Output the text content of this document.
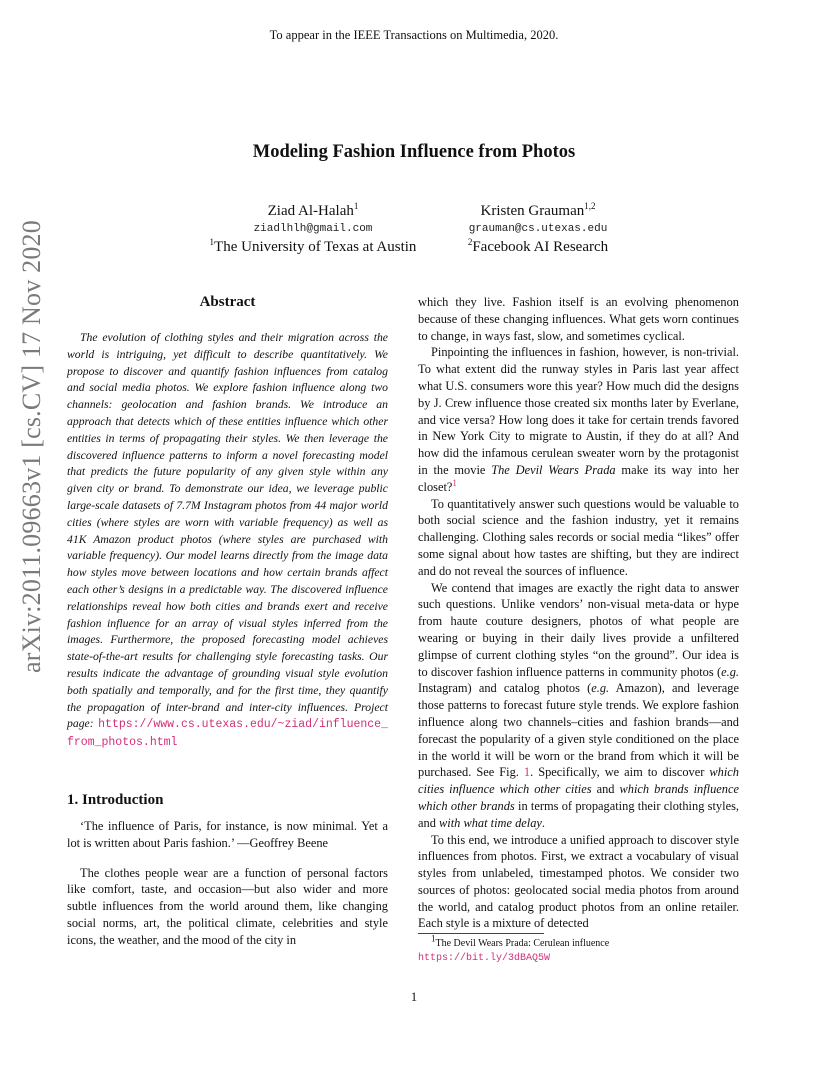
To appear in the IEEE Transactions on Multimedia, 2020.
Modeling Fashion Influence from Photos
Ziad Al-Halah$^1$
ziadlhlh@gmail.com
$^1$The University of Texas at Austin
Kristen Grauman$^{1,2}$
grauman@cs.utexas.edu
$^2$Facebook AI Research
arXiv:2011.09663v1 [cs.CV] 17 Nov 2020	Abstract

The evolution of clothing styles and their migration across the world is intriguing, yet difficult to describe quantitatively. We propose to discover and quantify fashion influences from catalog and social media photos. We explore fashion influence along two channels: geolocation and fashion brands. We introduce an approach that detects which of these entities influence which other entities in terms of propagating their styles. We then leverage the discovered influence patterns to inform a novel forecasting model that predicts the future popularity of any given style within any given city or brand. To demonstrate our idea, we leverage public large-scale datasets of 7.7M Instagram photos from 44 major world cities (where styles are worn with variable frequency) as well as 41K Amazon product photos (where styles are purchased with variable frequency). Our model learns directly from the image data how styles move between locations and how certain brands affect each other’s designs in a predictable way. The discovered influence relationships reveal how both cities and brands exert and receive fashion influence for an array of visual styles inferred from the images. Furthermore, the proposed forecasting model achieves state-of-the-art results for challenging style forecasting tasks. Our results indicate the advantage of grounding visual style evolution both spatially and temporally, and for the first time, they quantify the propagation of inter-brand and inter-city influences. Project page: https://www.cs.utexas.edu/~ziad/influence_from_photos.html

1. Introduction

‘The influence of Paris, for instance, is now minimal. Yet a lot is written about Paris fashion.’ —Geoffrey Beene

The clothes people wear are a function of personal factors like comfort, taste, and occasion—but also wider and more subtle influences from the world around them, like changing social norms, art, the political climate, celebrities and style icons, the weather, and the mood of the city in

which they live. Fashion itself is an evolving phenomenon because of these changing influences. What gets worn continues to change, in ways fast, slow, and sometimes cyclical.

Pinpointing the influences in fashion, however, is non-trivial. To what extent did the runway styles in Paris last year affect what U.S. consumers wore this year? How much did the designs by J. Crew influence those created six months later by Everlane, and vice versa? How long does it take for certain trends favored in New York City to migrate to Austin, if they do at all? And how did the infamous cerulean sweater worn by the protagonist in the movie The Devil Wears Prada make its way into her closet?$^1$

To quantitatively answer such questions would be valuable to both social science and the fashion industry, yet it remains challenging. Clothing sales records or social media “likes” offer some signal about how tastes are shifting, but they are indirect and do not reveal the sources of influence.

We contend that images are exactly the right data to answer such questions. Unlike vendors’ non-visual meta-data or hype from haute couture designers, photos of what people are wearing or buying in their daily lives provide a unfiltered glimpse of current clothing styles “on the ground”. Our idea is to discover fashion influence patterns in community photos (e.g. Instagram) and catalog photos (e.g. Amazon), and leverage those patterns to forecast future style trends. We explore fashion influence along two channels–cities and fashion brands—and forecast the popularity of a given style conditioned on the place in the world it will be worn or the brand from which it will be purchased. See Fig. 1. Specifically, we aim to discover which cities influence which other cities and which brands influence which other brands in terms of propagating their clothing styles, and with what time delay.

To this end, we introduce a unified approach to discover style influences from photos. First, we extract a vocabulary of visual styles from unlabeled, timestamped photos. We consider two sources of photos: geolocated social media photos from around the world, and catalog product photos from an online retailer. Each style is a mixture of detected

$^1$The Devil Wears Prada: Cerulean influence https://bit.ly/3dBAQ5W
1
